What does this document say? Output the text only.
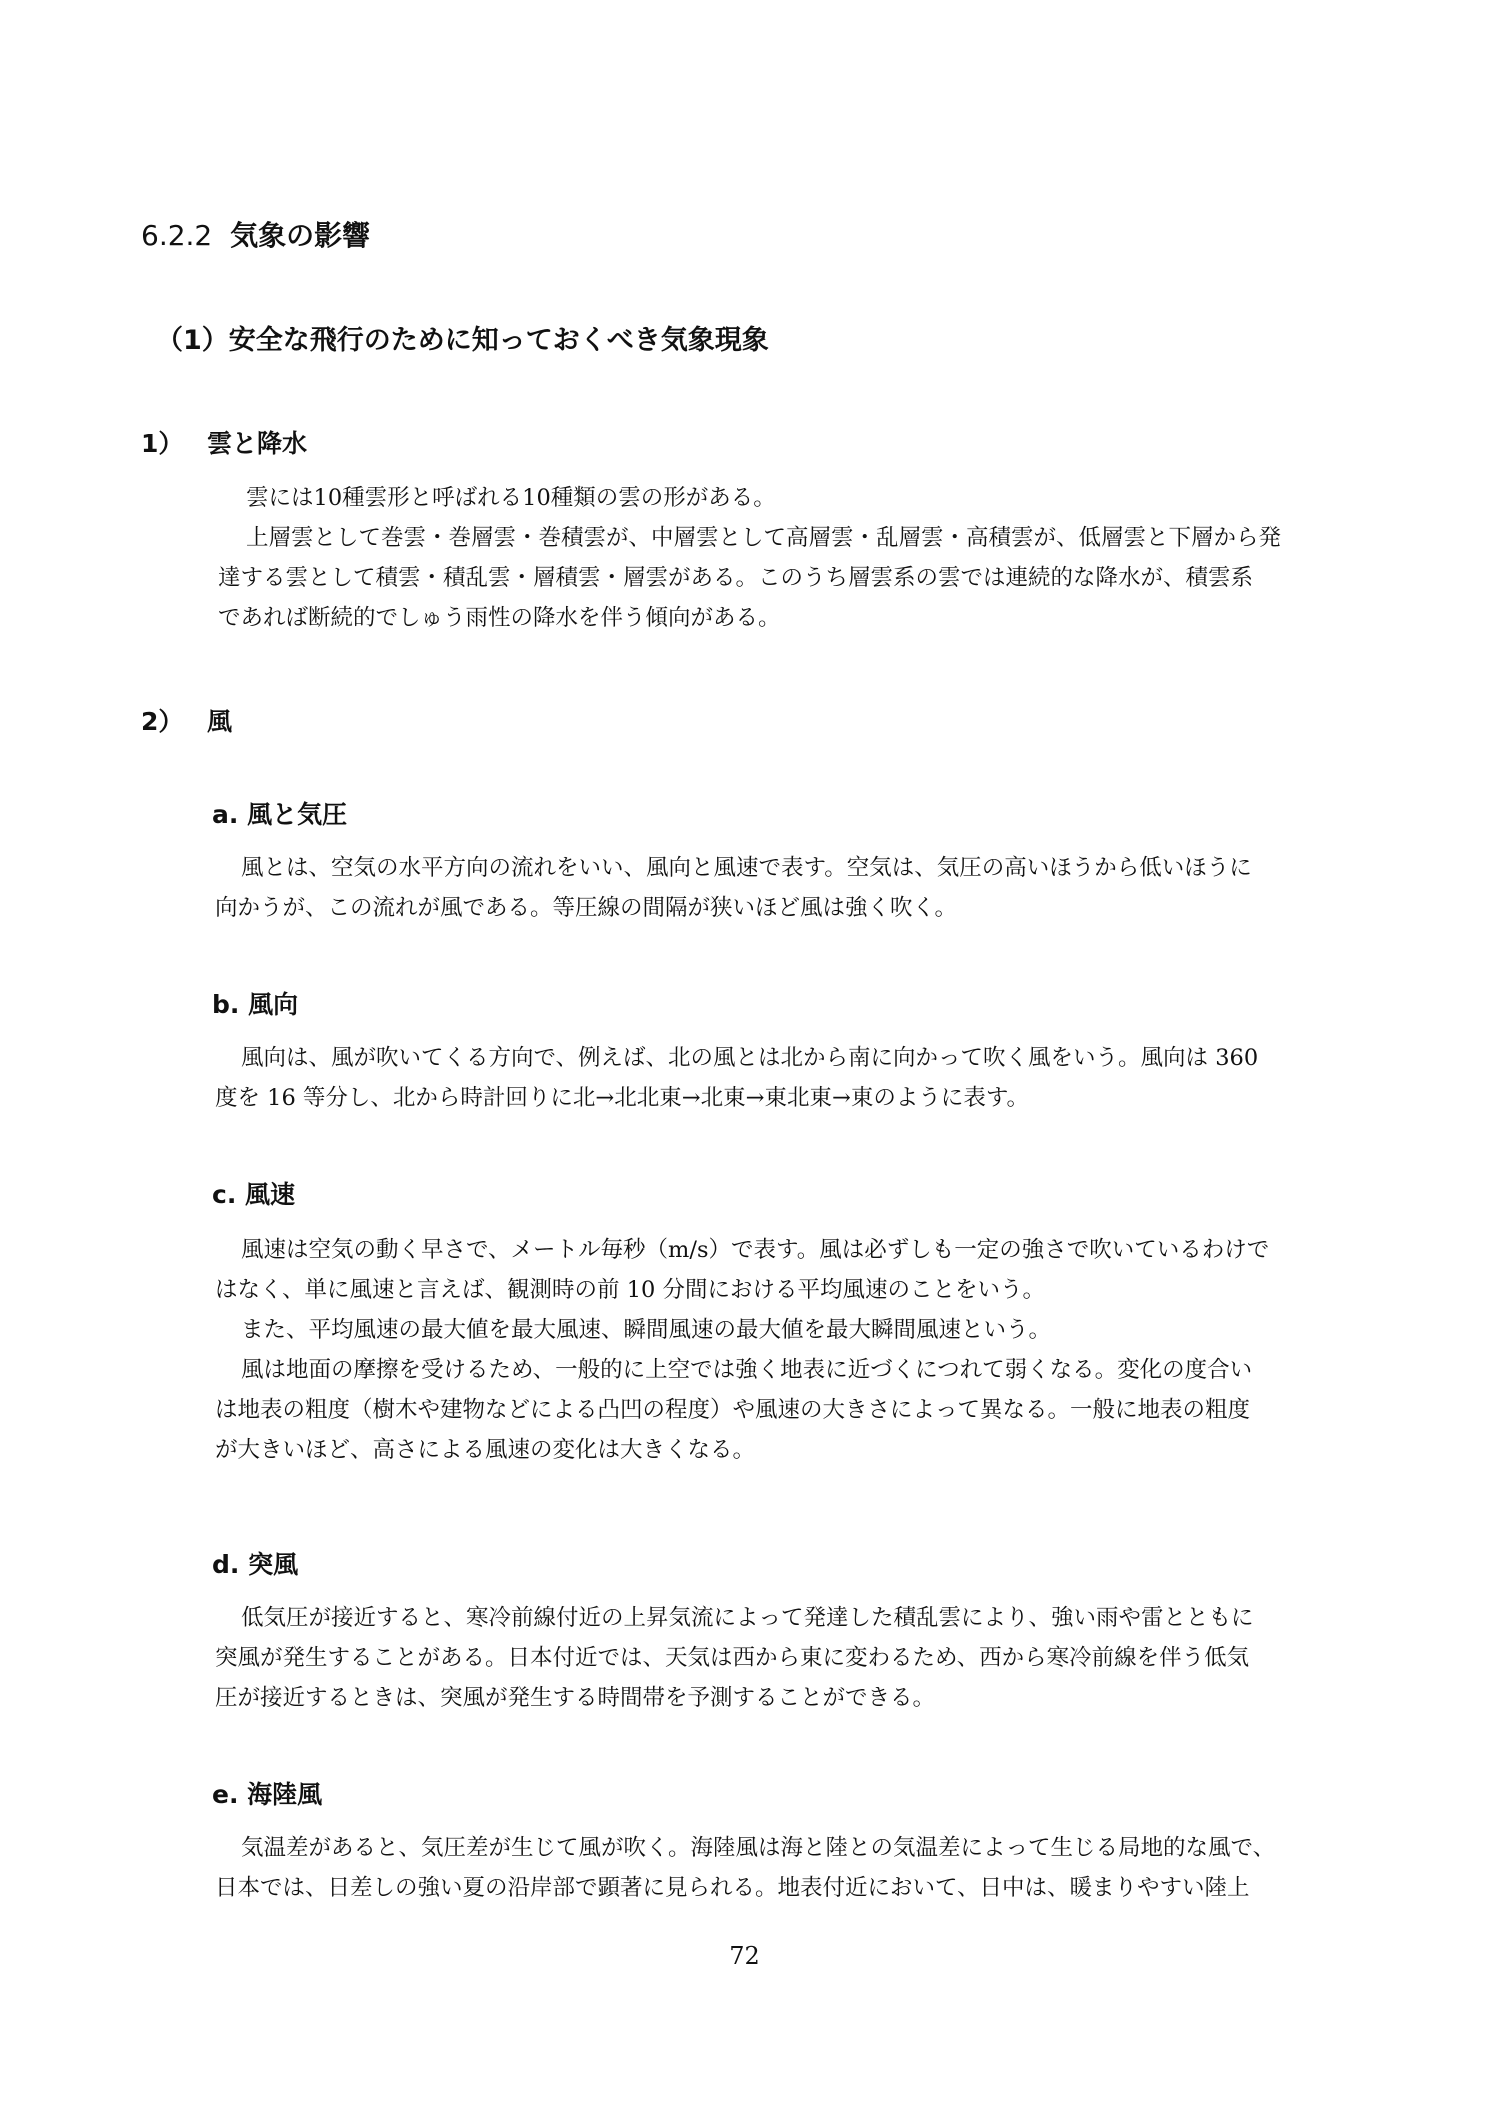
6.2.2 気象の影響
（1）安全な飛行のために知っておくべき気象現象
1） 雲と降水

雲には10種雲形と呼ばれる10種類の雲の形がある。

上層雲として巻雲・巻層雲・巻積雲が、中層雲として高層雲・乱層雲・高積雲が、低層雲と下層から発

達する雲として積雲・積乱雲・層積雲・層雲がある。このうち層雲系の雲では連続的な降水が、積雲系

であれば断続的でしゅう雨性の降水を伴う傾向がある。

2） 風
a. 風と気圧

風とは、空気の水平方向の流れをいい、風向と風速で表す。空気は、気圧の高いほうから低いほうに

向かうが、この流れが風である。等圧線の間隔が狭いほど風は強く吹く。

b. 風向

風向は、風が吹いてくる方向で、例えば、北の風とは北から南に向かって吹く風をいう。風向は 360

度を 16 等分し、北から時計回りに北→北北東→北東→東北東→東のように表す。

c. 風速

風速は空気の動く早さで、メートル毎秒（m/s）で表す。風は必ずしも一定の強さで吹いているわけで

はなく、単に風速と言えば、観測時の前 10 分間における平均風速のことをいう。

また、平均風速の最大値を最大風速、瞬間風速の最大値を最大瞬間風速という。

風は地面の摩擦を受けるため、一般的に上空では強く地表に近づくにつれて弱くなる。変化の度合い

は地表の粗度（樹木や建物などによる凸凹の程度）や風速の大きさによって異なる。一般に地表の粗度

が大きいほど、高さによる風速の変化は大きくなる。

d. 突風

低気圧が接近すると、寒冷前線付近の上昇気流によって発達した積乱雲により、強い雨や雷とともに

突風が発生することがある。日本付近では、天気は西から東に変わるため、西から寒冷前線を伴う低気

圧が接近するときは、突風が発生する時間帯を予測することができる。

e. 海陸風

気温差があると、気圧差が生じて風が吹く。海陸風は海と陸との気温差によって生じる局地的な風で、

日本では、日差しの強い夏の沿岸部で顕著に見られる。地表付近において、日中は、暖まりやすい陸上

72
